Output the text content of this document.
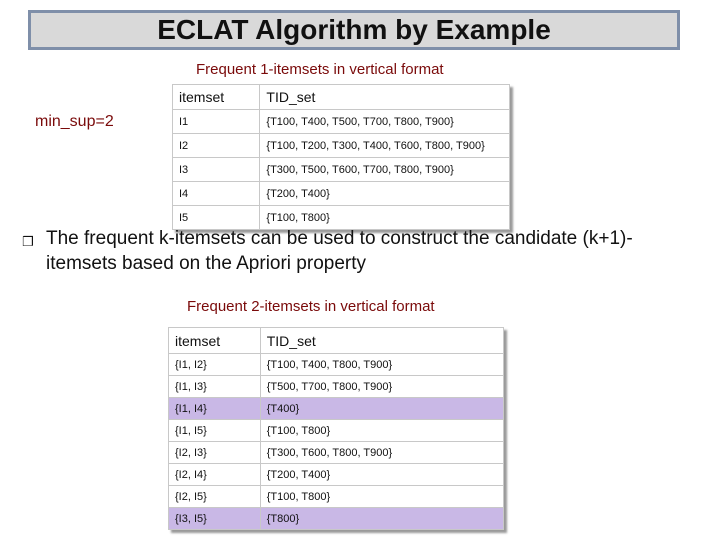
ECLAT Algorithm by Example
Frequent 1-itemsets in vertical format
min_sup=2
itemset	TID_set
I1	{T100, T400, T500, T700, T800, T900}
I2	{T100, T200, T300, T400, T600, T800, T900}
I3	{T300, T500, T600, T700, T800, T900}
I4	{T200, T400}
I5	{T100, T800}
❒ The frequent k-itemsets can be used to construct the candidate (k+1)-itemsets based on the Apriori property
Frequent 2-itemsets in vertical format
itemset	TID_set
{I1, I2}	{T100, T400, T800, T900}
{I1, I3}	{T500, T700, T800, T900}
{I1, I4}	{T400}
{I1, I5}	{T100, T800}
{I2, I3}	{T300, T600, T800, T900}
{I2, I4}	{T200, T400}
{I2, I5}	{T100, T800}
{I3, I5}	{T800}
